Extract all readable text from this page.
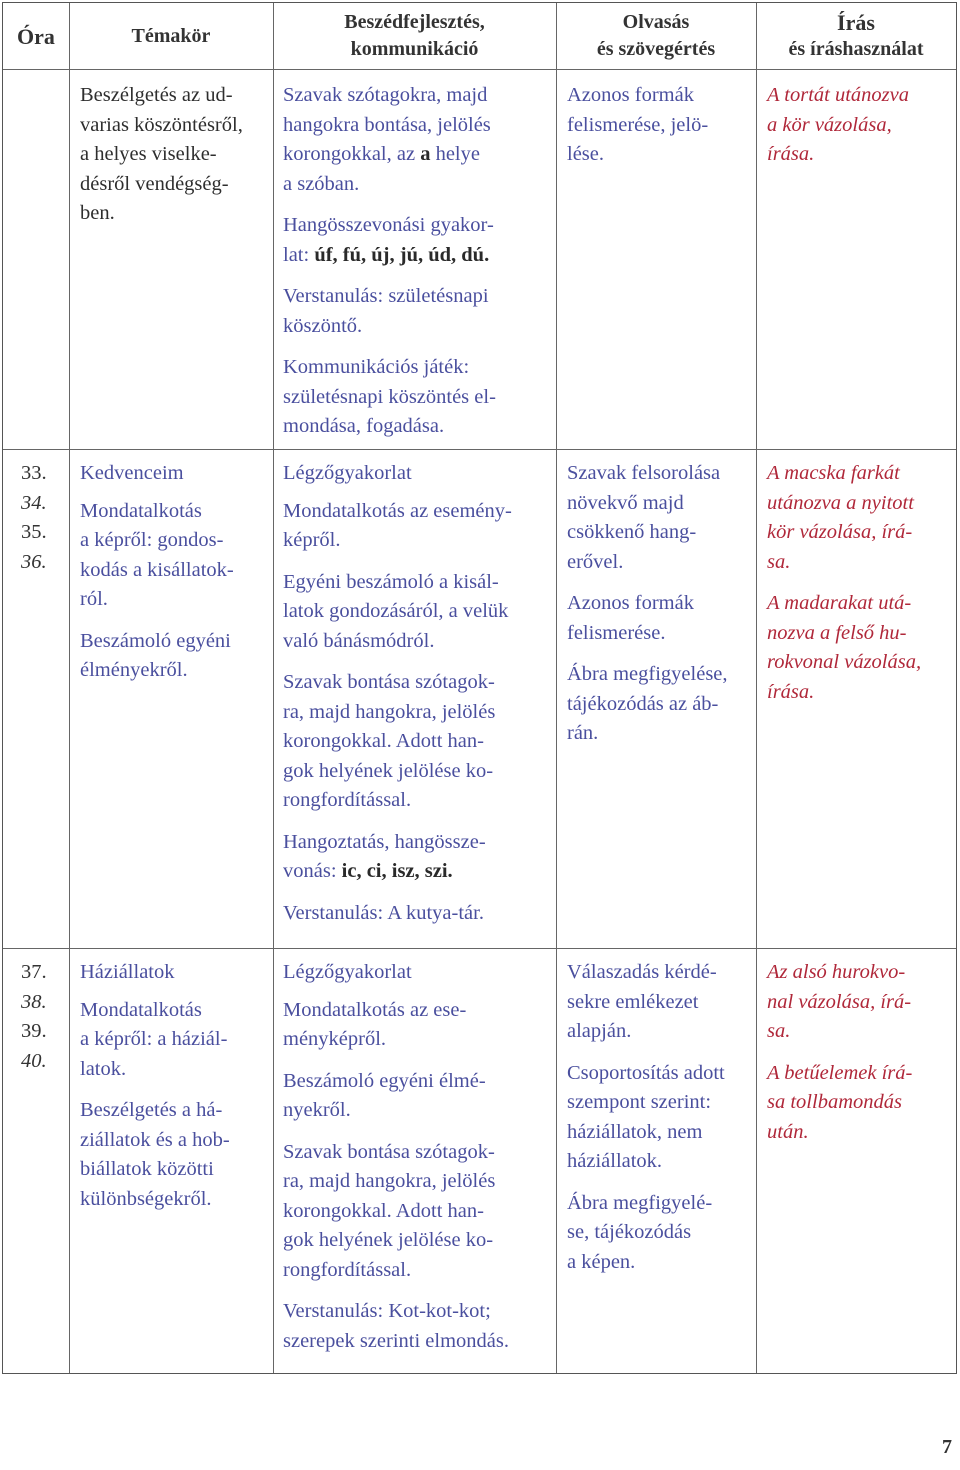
Óra	Témakör
Beszédfejlesztés,
kommunikáció
Olvasás
és szövegértés
Írás
és íráshasználat
Beszélgetés az ud-
varias köszöntésről,
a helyes viselke-
désről vendégség-
ben.
Szavak szótagokra, majd
hangokra bontása, jelölés
korongokkal, az a helye
a szóban.
Hangösszevonási gyakor-
lat: úf, fú, új, jú, úd, dú.
Verstanulás: születésnapi
köszöntő.
Kommunikációs játék:
születésnapi köszöntés el-
mondása, fogadása.
Azonos formák
felismerése, jelö-
lése.
A tortát utánozva
a kör vázolása,
írása.
33.
34.
35.
36.
Kedvenceim
Mondatalkotás
a képről: gondos-
kodás a kisállatok-
ról.
Beszámoló egyéni
élményekről.
Légzőgyakorlat
Mondatalkotás az esemény-
képről.
Egyéni beszámoló a kisál-
latok gondozásáról, a velük
való bánásmódról.
Szavak bontása szótagok-
ra, majd hangokra, jelölés
korongokkal. Adott han-
gok helyének jelölése ko-
rongfordítással.
Hangoztatás, hangössze-
vonás: ic, ci, isz, szi.
Verstanulás: A kutya-tár.
Szavak felsorolása
növekvő majd
csökkenő hang-
erővel.
Azonos formák
felismerése.
Ábra megfigyelése,
tájékozódás az áb-
rán.
A macska farkát
utánozva a nyitott
kör vázolása, írá-
sa.
A madarakat utá-
nozva a felső hu-
rokvonal vázolása,
írása.
37.
38.
39.
40.
Háziállatok
Mondatalkotás
a képről: a háziál-
latok.
Beszélgetés a há-
ziállatok és a hob-
biállatok közötti
különbségekről.
Légzőgyakorlat
Mondatalkotás az ese-
ményképről.
Beszámoló egyéni élmé-
nyekről.
Szavak bontása szótagok-
ra, majd hangokra, jelölés
korongokkal. Adott han-
gok helyének jelölése ko-
rongfordítással.
Verstanulás: Kot-kot-kot;
szerepek szerinti elmondás.
Válaszadás kérdé-
sekre emlékezet
alapján.
Csoportosítás adott
szempont szerint:
háziállatok, nem
háziállatok.
Ábra megfigyelé-
se, tájékozódás
a képen.
Az alsó hurokvo-
nal vázolása, írá-
sa.
A betűelemek írá-
sa tollbamondás
után.
7
